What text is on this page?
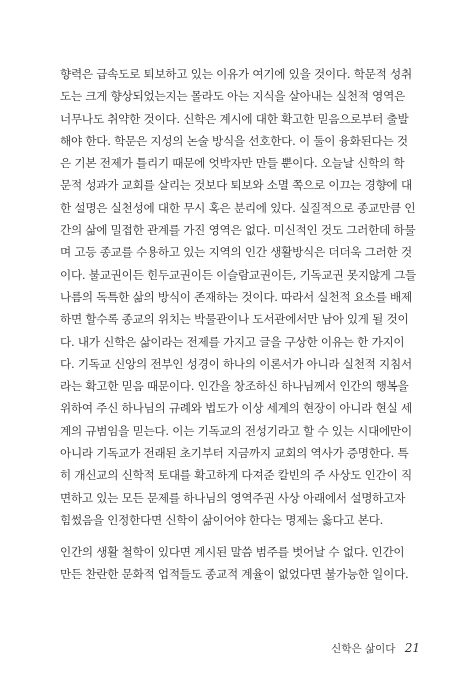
향력은 급속도로 퇴보하고 있는 이유가 여기에 있을 것이다. 학문적 성취
도는 크게 향상되었는지는 몰라도 아는 지식을 살아내는 실천적 영역은
너무나도 취약한 것이다. 신학은 계시에 대한 확고한 믿음으로부터 출발
해야 한다. 학문은 지성의 논술 방식을 선호한다. 이 둘이 융화된다는 것
은 기본 전제가 틀리기 때문에 엇박자만 만들 뿐이다. 오늘날 신학의 학
문적 성과가 교회를 살리는 것보다 퇴보와 소멸 쪽으로 이끄는 경향에 대
한 설명은 실천성에 대한 무시 혹은 분리에 있다. 실질적으로 종교만큼 인
간의 삶에 밀접한 관계를 가진 영역은 없다. 미신적인 것도 그러한데 하물
며 고등 종교를 수용하고 있는 지역의 인간 생활방식은 더더욱 그러한 것
이다. 불교권이든 힌두교권이든 이슬람교권이든, 기독교권 못지않게 그들
나름의 독특한 삶의 방식이 존재하는 것이다. 따라서 실천적 요소를 배제
하면 할수록 종교의 위치는 박물관이나 도서관에서만 남아 있게 될 것이
다. 내가 신학은 삶이라는 전제를 가지고 글을 구상한 이유는 한 가지이
다. 기독교 신앙의 전부인 성경이 하나의 이론서가 아니라 실천적 지침서
라는 확고한 믿음 때문이다. 인간을 창조하신 하나님께서 인간의 행복을
위하여 주신 하나님의 규례와 법도가 이상 세계의 현장이 아니라 현실 세
계의 규범임을 믿는다. 이는 기독교의 전성기라고 할 수 있는 시대에만이
아니라 기독교가 전래된 초기부터 지금까지 교회의 역사가 증명한다. 특
히 개신교의 신학적 토대를 확고하게 다져준 칼빈의 주 사상도 인간이 직
면하고 있는 모든 문제를 하나님의 영역주권 사상 아래에서 설명하고자
힘썼음을 인정한다면 신학이 삶이어야 한다는 명제는 옳다고 본다.
인간의 생활 철학이 있다면 계시된 말씀 범주를 벗어날 수 없다. 인간이
만든 찬란한 문화적 업적들도 종교적 계율이 없었다면 불가능한 일이다.
신학은 삶이다 21
